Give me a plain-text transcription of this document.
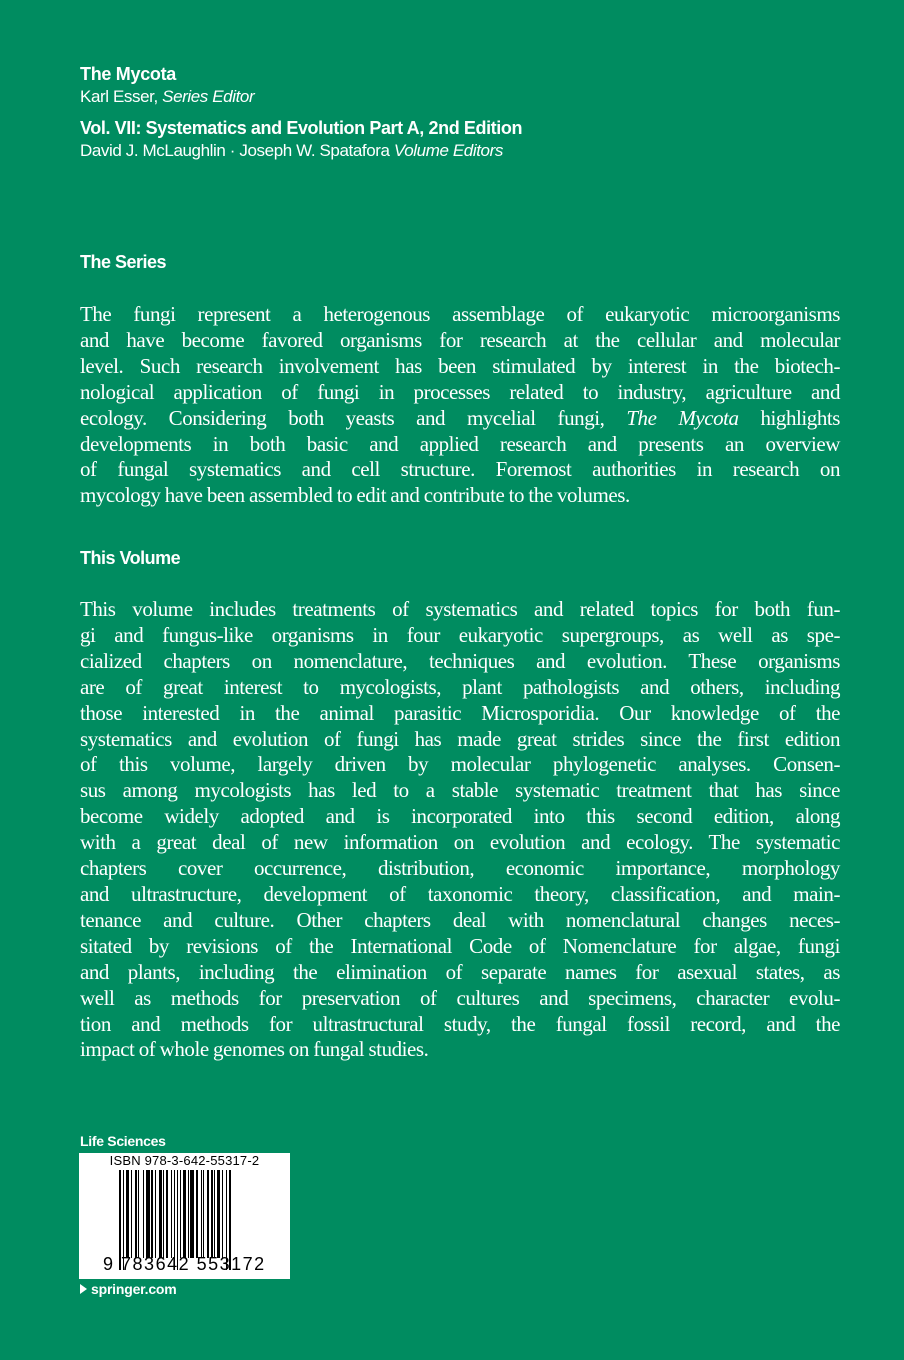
The Mycota
Karl Esser, Series Editor
Vol. VII: Systematics and Evolution Part A, 2nd Edition
David J. McLaughlin · Joseph W. Spatafora Volume Editors
The Series
The fungi represent a heterogenous assemblage of eukaryotic microorganisms
and have become favored organisms for research at the cellular and molecular
level. Such research involvement has been stimulated by interest in the biotech-
nological application of fungi in processes related to industry, agriculture and
ecology. Considering both yeasts and mycelial fungi, The Mycota highlights
developments in both basic and applied research and presents an overview
of fungal systematics and cell structure. Foremost authorities in research on
mycology have been assembled to edit and contribute to the volumes.
This Volume
This volume includes treatments of systematics and related topics for both fun-
gi and fungus-like organisms in four eukaryotic supergroups, as well as spe-
cialized chapters on nomenclature, techniques and evolution. These organisms
are of great interest to mycologists, plant pathologists and others, including
those interested in the animal parasitic Microsporidia. Our knowledge of the
systematics and evolution of fungi has made great strides since the first edition
of this volume, largely driven by molecular phylogenetic analyses. Consen-
sus among mycologists has led to a stable systematic treatment that has since
become widely adopted and is incorporated into this second edition, along
with a great deal of new information on evolution and ecology. The systematic
chapters cover occurrence, distribution, economic importance, morphology
and ultrastructure, development of taxonomic theory, classification, and main-
tenance and culture. Other chapters deal with nomenclatural changes neces-
sitated by revisions of the International Code of Nomenclature for algae, fungi
and plants, including the elimination of separate names for asexual states, as
well as methods for preservation of cultures and specimens, character evolu-
tion and methods for ultrastructural study, the fungal fossil record, and the
impact of whole genomes on fungal studies.
Life Sciences
ISBN 978-3-642-55317-2
9 783642 553172
springer.com
